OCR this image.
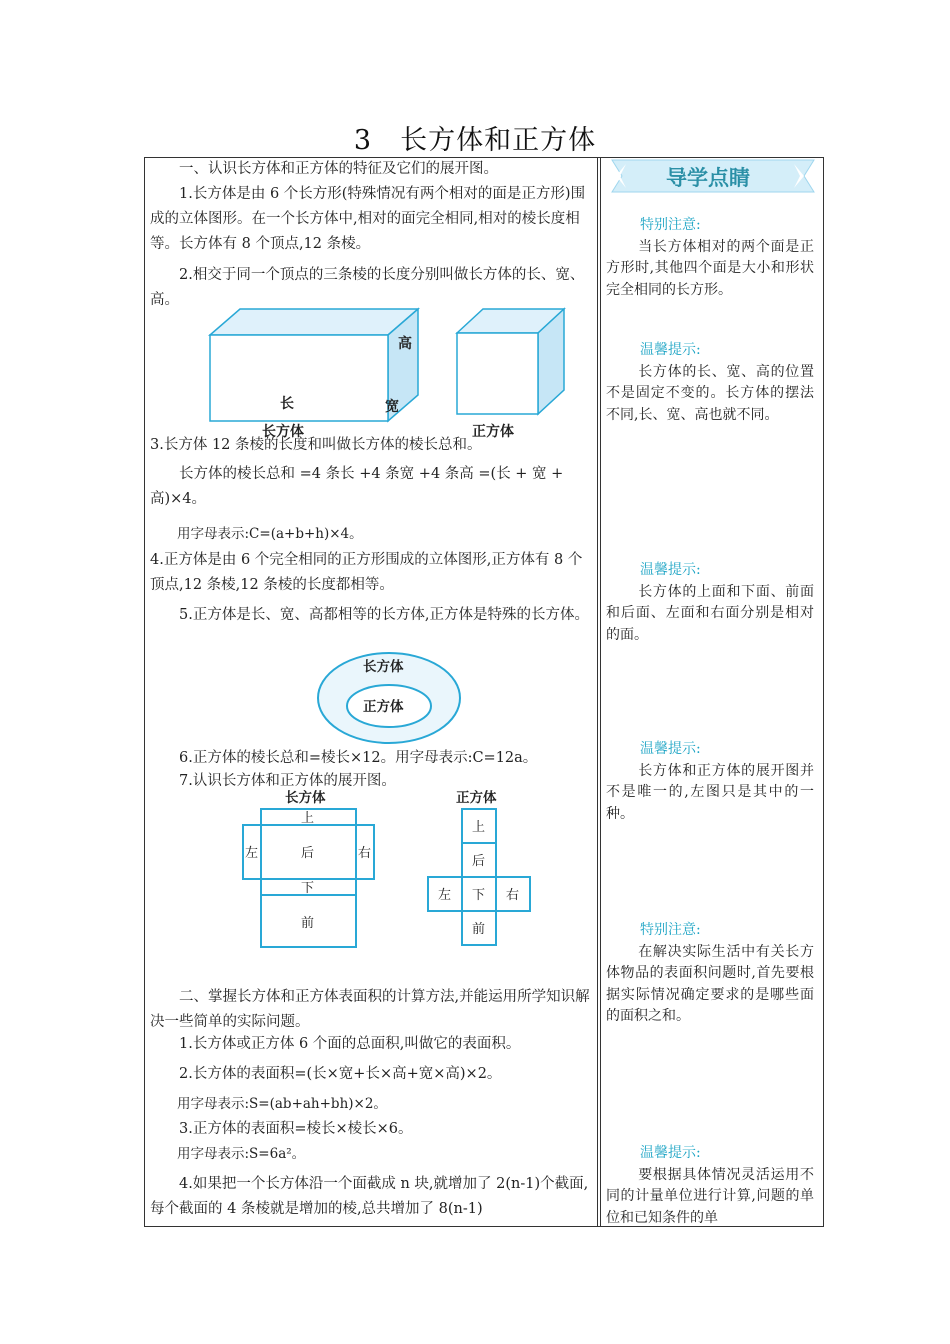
3　长方体和正方体
一、认识长方体和正方体的特征及它们的展开图。
1.长方体是由 6 个长方形(特殊情况有两个相对的面是正方形)围成的立体图形。在一个长方体中,相对的面完全相同,相对的棱长度相等。长方体有 8 个顶点,12 条棱。
2.相交于同一个顶点的三条棱的长度分别叫做长方体的长、宽、高。
高
长	宽
长方体	正方体
3.长方体 12 条棱的长度和叫做长方体的棱长总和。
长方体的棱长总和 =4 条长 +4 条宽 +4 条高 =(长 + 宽 + 高)×4。
用字母表示:C=(a+b+h)×4。
4.正方体是由 6 个完全相同的正方形围成的立体图形,正方体有 8 个顶点,12 条棱,12 条棱的长度都相等。
5.正方体是长、宽、高都相等的长方体,正方体是特殊的长方体。
长方体
正方体
6.正方体的棱长总和=棱长×12。用字母表示:C=12a。
7.认识长方体和正方体的展开图。
长方体
上
后
左	右
下
前
正方体
上
后
左 下 右
前
二、掌握长方体和正方体表面积的计算方法,并能运用所学知识解决一些简单的实际问题。
1.长方体或正方体 6 个面的总面积,叫做它的表面积。
2.长方体的表面积=(长×宽+长×高+宽×高)×2。
用字母表示:S=(ab+ah+bh)×2。
3.正方体的表面积=棱长×棱长×6。
用字母表示:S=6a²。
4.如果把一个长方体沿一个面截成 n 块,就增加了 2(n-1)个截面,每个截面的 4 条棱就是增加的棱,总共增加了 8(n-1)
导学点睛
特别注意:
当长方体相对的两个面是正方形时,其他四个面是大小和形状完全相同的长方形。
温馨提示:
长方体的长、宽、高的位置不是固定不变的。长方体的摆法不同,长、宽、高也就不同。
温馨提示:
长方体的上面和下面、前面和后面、左面和右面分别是相对的面。
温馨提示:
长方体和正方体的展开图并不是唯一的,左图只是其中的一种。
特别注意:
在解决实际生活中有关长方体物品的表面积问题时,首先要根据实际情况确定要求的是哪些面的面积之和。
温馨提示:
要根据具体情况灵活运用不同的计量单位进行计算,问题的单位和已知条件的单
